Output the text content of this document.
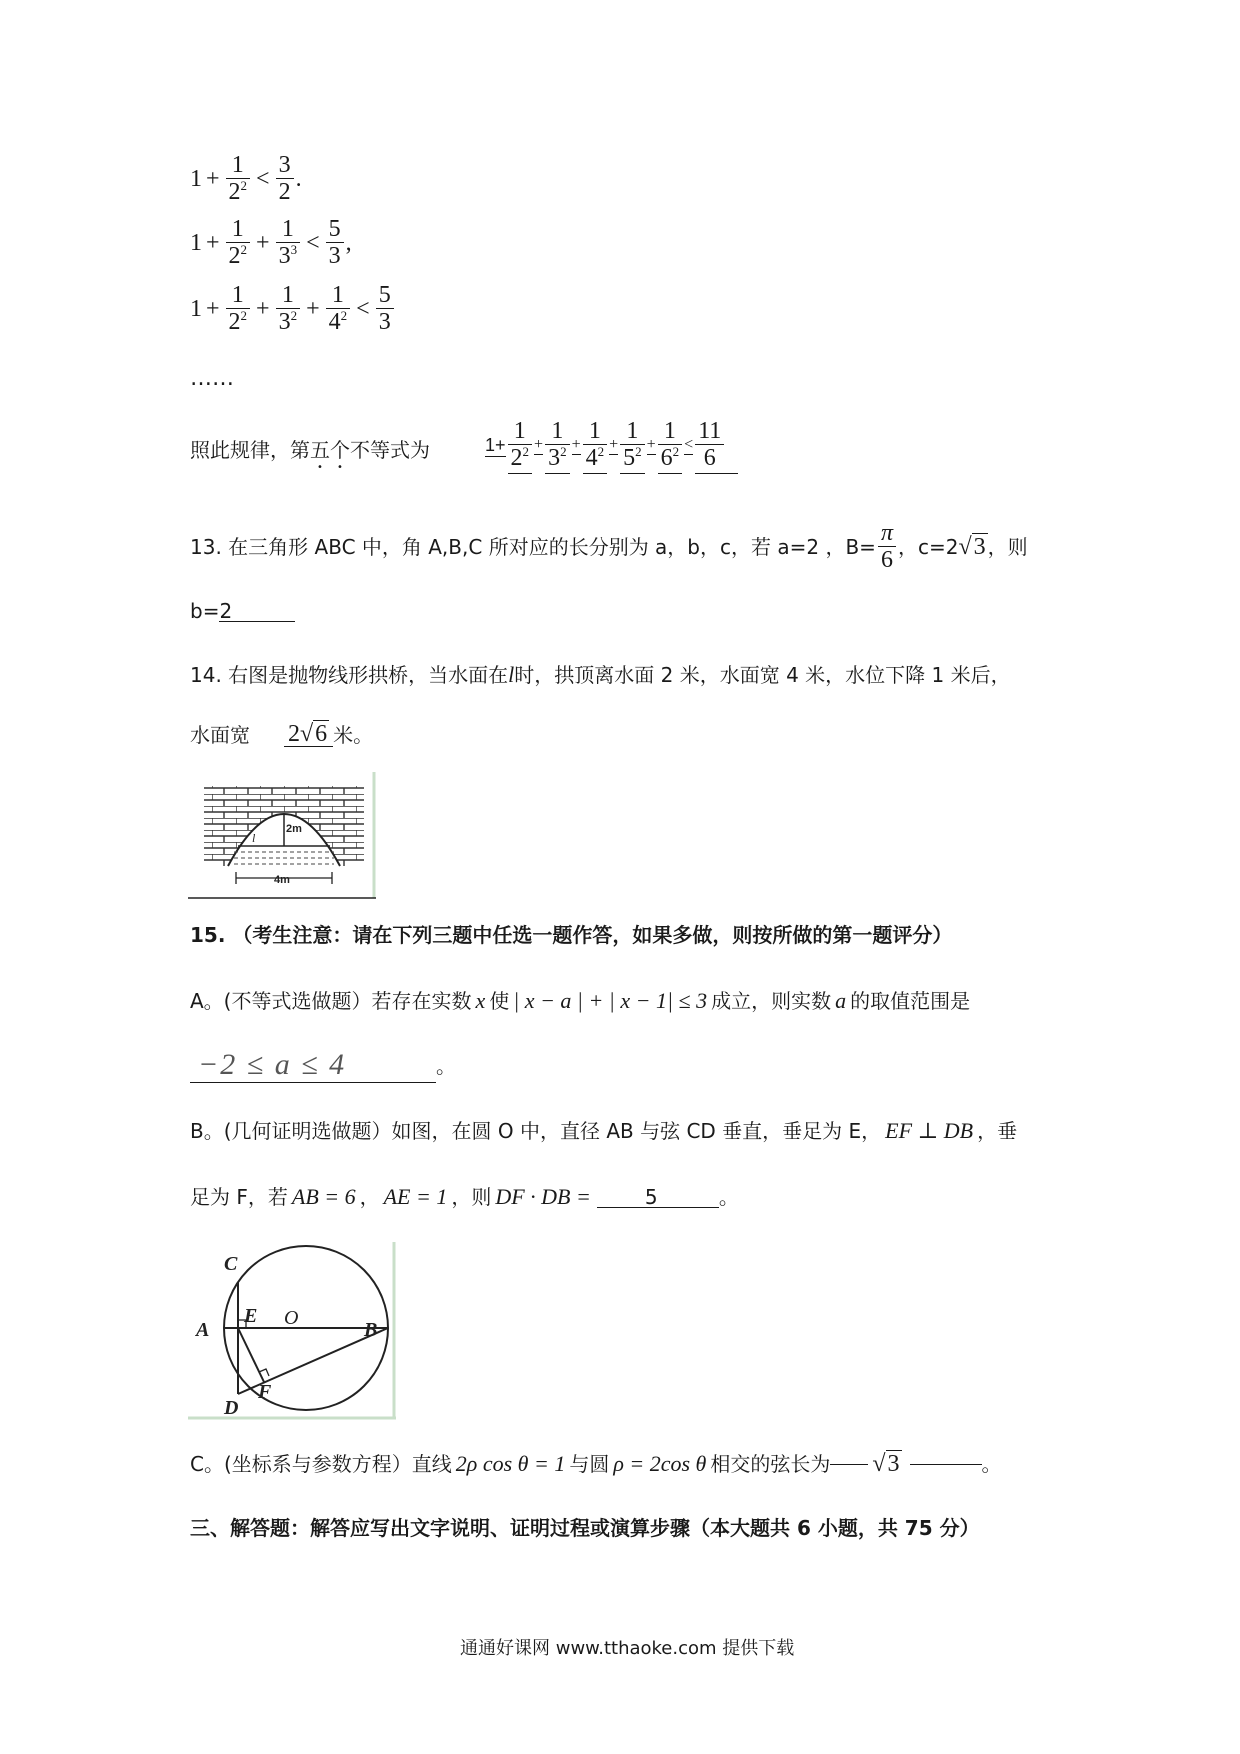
$1 + \frac{1}{2^2} < \frac{3}{2}$ .
$1 + \frac{1}{2^2} + \frac{1}{3^3} < \frac{5}{3}$ ,
$1 + \frac{1}{2^2} + \frac{1}{3^2} + \frac{1}{4^2} < \frac{5}{3}$
……
照此规律，第五个不等式为	$1+ \frac{1}{2^2} + \frac{1}{3^2} + \frac{1}{4^2} + \frac{1}{5^2} + \frac{1}{6^2} < \frac{11}{6}$
13. 在三角形 ABC 中，角 A,B,C 所对应的长分别为 a，b，c，若 a=2 ，$B= \frac{\pi}{6}$ ，c=2 √3 ，则
b=2
14. 右图是抛物线形拱桥，当水面在l时，拱顶离水面 2 米，水面宽 4 米，水位下降 1 米后，
水面宽 2√6 米。
2m
l
4m
15. （考生注意：请在下列三题中任选一题作答，如果多做，则按所做的第一题评分）
A。(不等式选做题）若存在实数 x 使 | x − a | + | x − 1| ≤ 3 成立，则实数 a 的取值范围是
−2 ≤ a ≤ 4	。
B。(几何证明选做题）如图，在圆 O 中，直径 AB 与弦 CD 垂直，垂足为 E， EF ⊥ DB ，垂
足为 F，若 AB = 6 ， AE = 1 ，则 DF · DB =	5	。
C
A
E O
B
D
F
C。(坐标系与参数方程）直线 2ρ cos θ = 1 与圆 ρ = 2cos θ 相交的弦长为 √3	。
三、解答题：解答应写出文字说明、证明过程或演算步骤（本大题共 6 小题，共 75 分）
通通好课网 www.tthaoke.com 提供下载
